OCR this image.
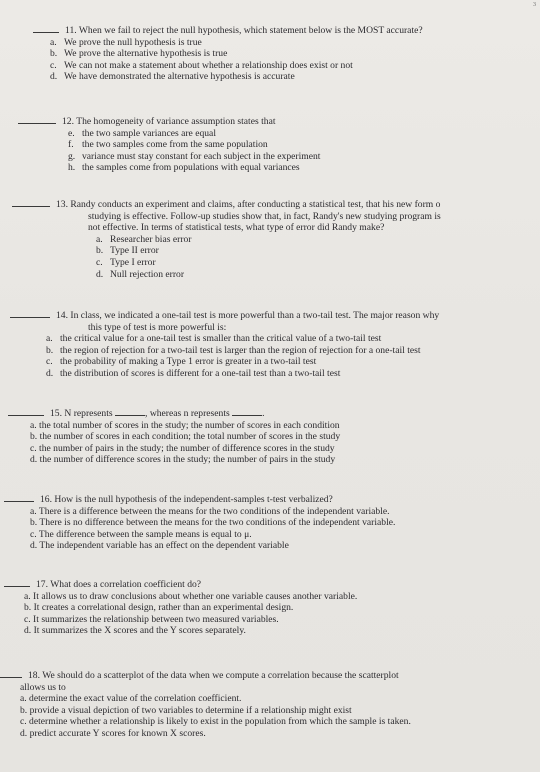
3
11. When we fail to reject the null hypothesis, which statement below is the MOST accurate?
a. We prove the null hypothesis is true
b. We prove the alternative hypothesis is true
c. We can not make a statement about whether a relationship does exist or not
d. We have demonstrated the alternative hypothesis is accurate
12. The homogeneity of variance assumption states that
e. the two sample variances are equal
f. the two samples come from the same population
g. variance must stay constant for each subject in the experiment
h. the samples come from populations with equal variances
13. Randy conducts an experiment and claims, after conducting a statistical test, that his new form o
studying is effective. Follow-up studies show that, in fact, Randy's new studying program is
not effective. In terms of statistical tests, what type of error did Randy make?
a. Researcher bias error
b. Type II error
c. Type I error
d. Null rejection error
14. In class, we indicated a one-tail test is more powerful than a two-tail test. The major reason why
this type of test is more powerful is:
a. the critical value for a one-tail test is smaller than the critical value of a two-tail test
b. the region of rejection for a two-tail test is larger than the region of rejection for a one-tail test
c. the probability of making a Type 1 error is greater in a two-tail test
d. the distribution of scores is different for a one-tail test than a two-tail test
15. N represents	, whereas n represents	.
a. the total number of scores in the study; the number of scores in each condition
b. the number of scores in each condition; the total number of scores in the study
c. the number of pairs in the study; the number of difference scores in the study
d. the number of difference scores in the study; the number of pairs in the study
16. How is the null hypothesis of the independent-samples t-test verbalized?
a. There is a difference between the means for the two conditions of the independent variable.
b. There is no difference between the means for the two conditions of the independent variable.
c. The difference between the sample means is equal to μ.
d. The independent variable has an effect on the dependent variable
17. What does a correlation coefficient do?
a. It allows us to draw conclusions about whether one variable causes another variable.
b. It creates a correlational design, rather than an experimental design.
c. It summarizes the relationship between two measured variables.
d. It summarizes the X scores and the Y scores separately.
18. We should do a scatterplot of the data when we compute a correlation because the scatterplot
allows us to
a. determine the exact value of the correlation coefficient.
b. provide a visual depiction of two variables to determine if a relationship might exist
c. determine whether a relationship is likely to exist in the population from which the sample is taken.
d. predict accurate Y scores for known X scores.
